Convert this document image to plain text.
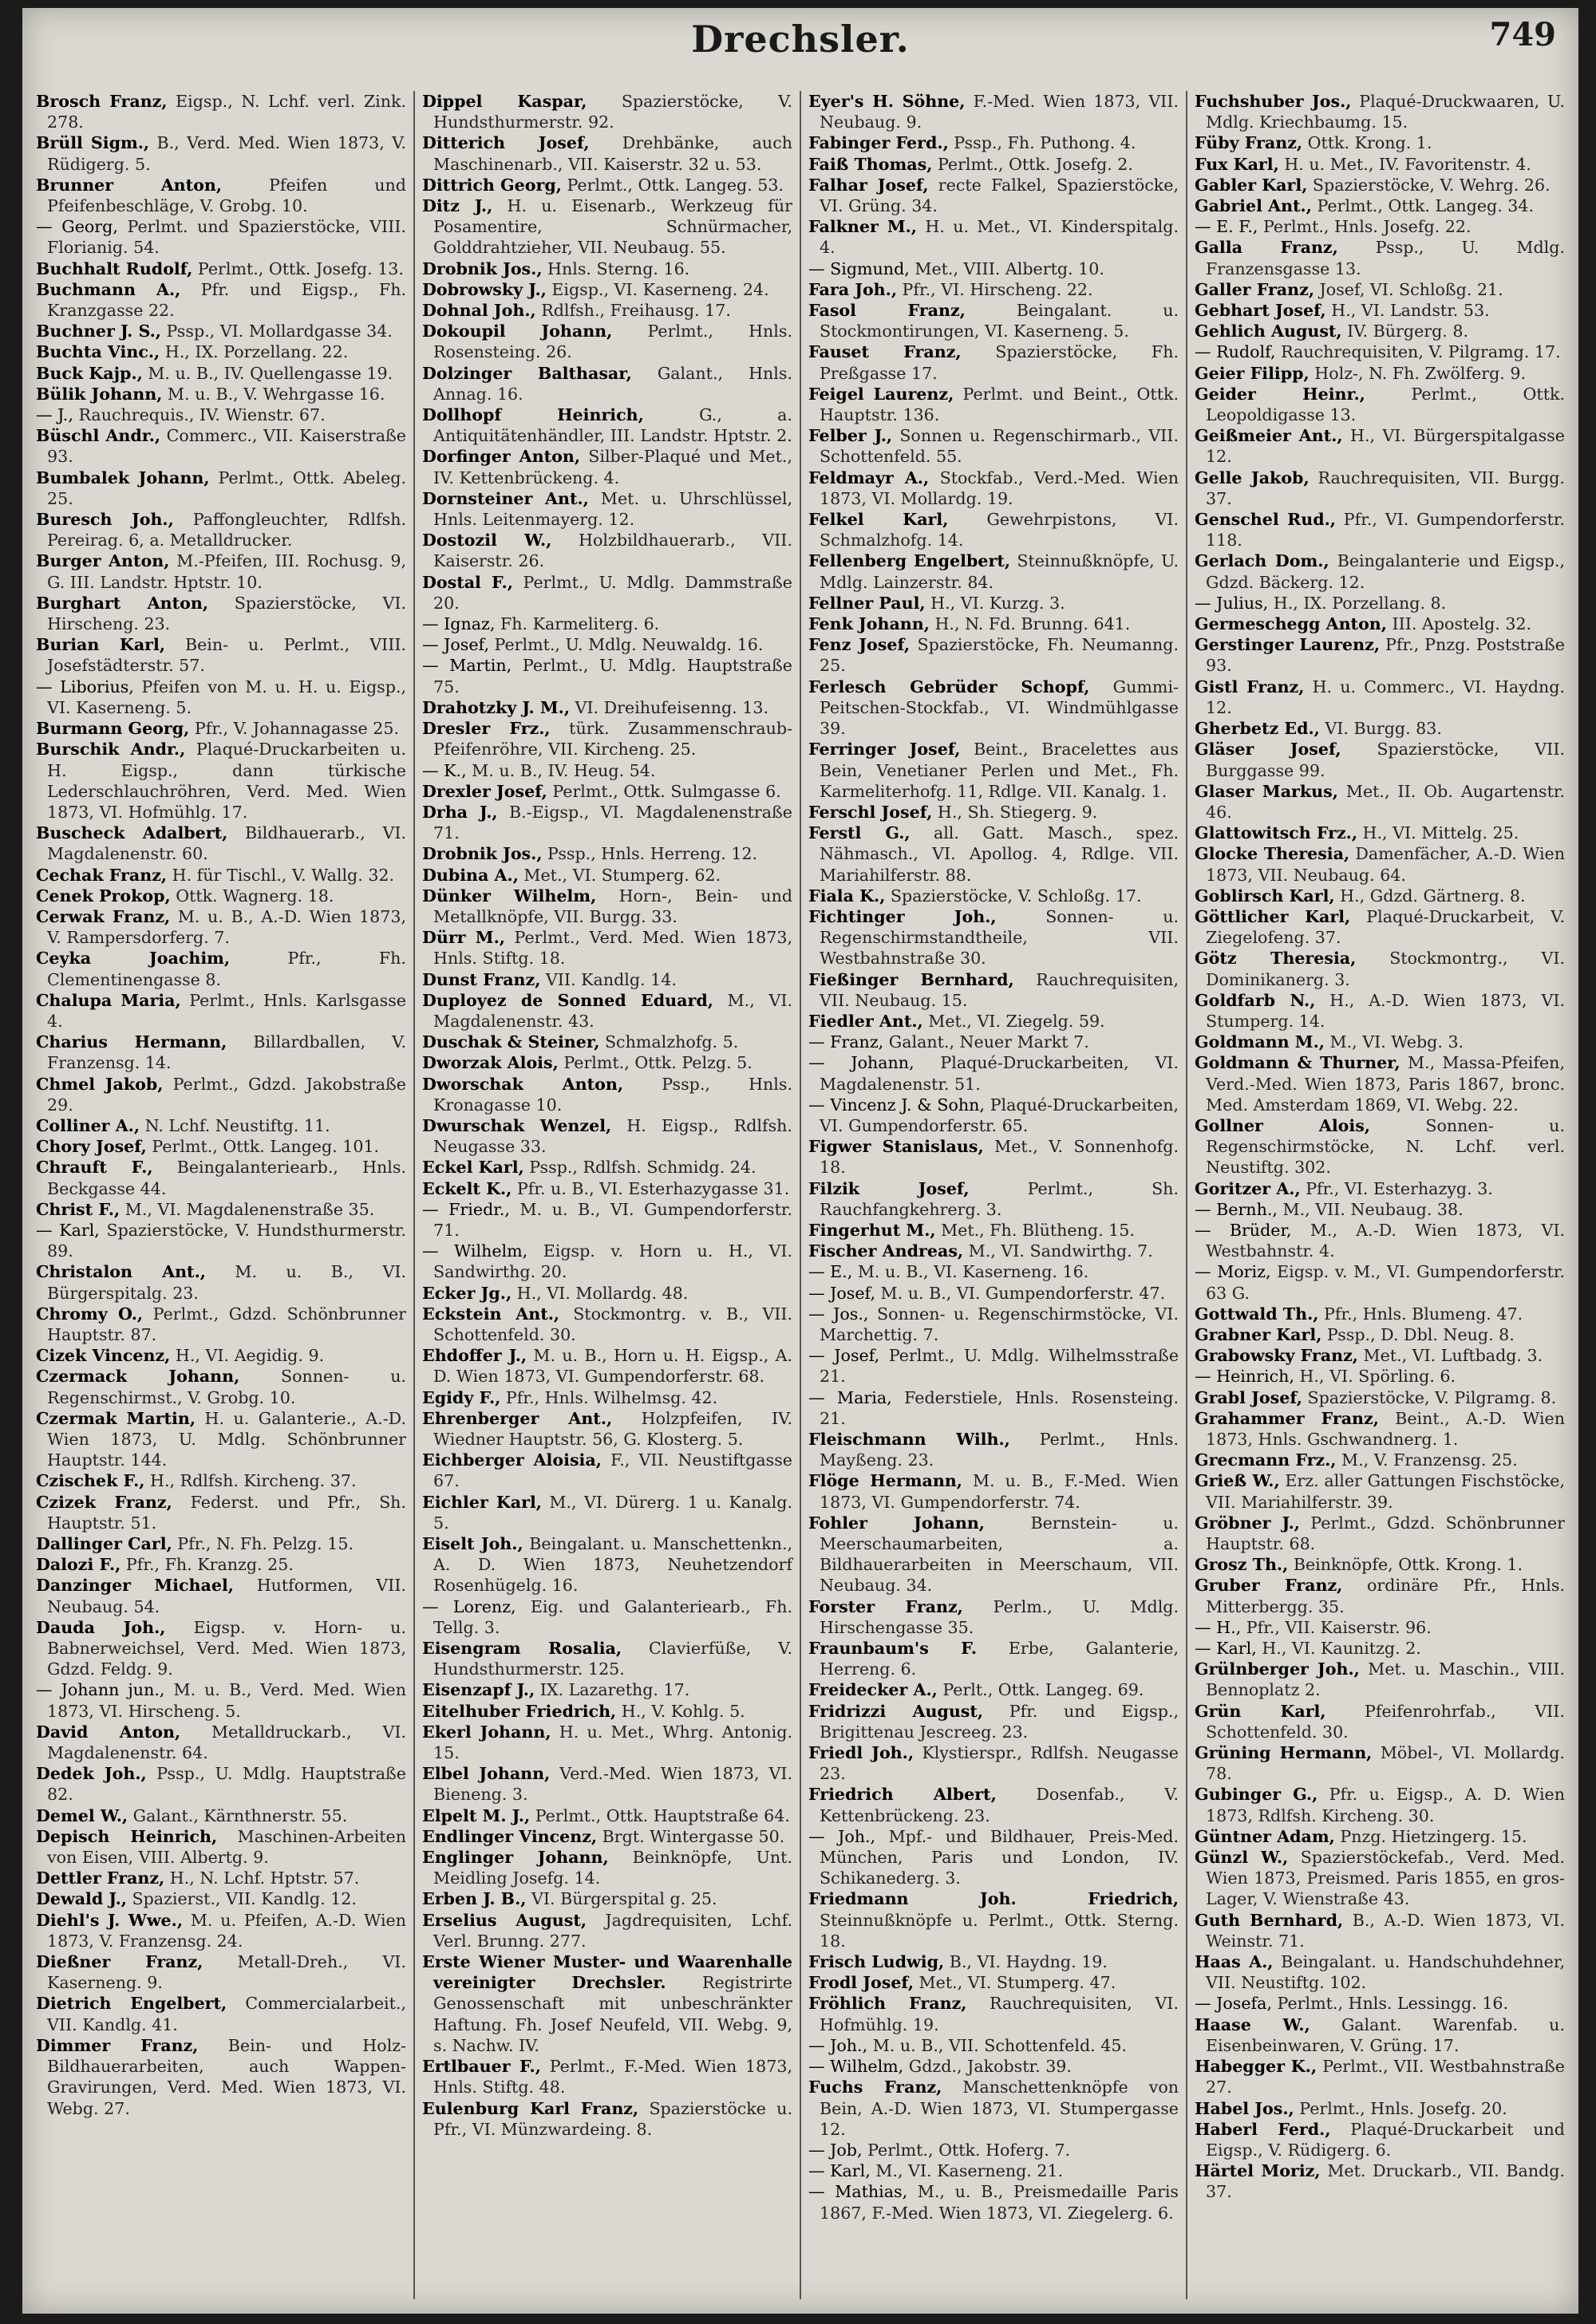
Drechsler.	749

Brosch Franz, Eigsp., N. Lchf. verl. Zink. 278.

Brüll Sigm., B., Verd. Med. Wien 1873, V. Rüdigerg. 5.

Brunner Anton,	Pfeifen und Pfeifenbeschläge, V. Grobg. 10.

— Georg, Perlmt. und Spazierstöcke, VIII. Florianig. 54.

Buchhalt Rudolf, Perlmt., Ottk. Josefg. 13.

Buchmann A., Pfr. und Eigsp., Fh. Kranzgasse 22.

Buchner J. S., Pssp., VI. Mollardgasse 34.

Buchta Vinc., H., IX. Porzellang. 22.

Buck Kajp., M. u. B., IV. Quellengasse 19.

Bülik Johann, M. u. B., V. Wehrgasse 16.

— J., Rauchrequis., IV. Wienstr. 67.

Büschl Andr., Commerc., VII. Kaiserstraße 93.

Bumbalek Johann, Perlmt., Ottk. Abeleg. 25.

Buresch Joh., Paffongleuchter, Rdlfsh. Pereirag. 6, a. Metalldrucker.

Burger Anton, M.-Pfeifen, III. Rochusg. 9, G. III. Landstr. Hptstr. 10.

Burghart Anton, Spazierstöcke, VI. Hirscheng. 23.

Burian Karl, Bein- u. Perlmt., VIII. Josefstädterstr. 57.

— Liborius, Pfeifen von M. u. H. u. Eigsp., VI. Kaserneng. 5.

Burmann Georg, Pfr., V. Johannagasse 25.

Burschik Andr., Plaqué-Druckarbeiten u. H. Eigsp., dann türkische Lederschlauchröhren, Verd. Med. Wien 1873, VI. Hofmühlg. 17.

Buscheck Adalbert, Bildhauerarb., VI. Magdalenenstr. 60.

Cechak Franz, H. für Tischl., V. Wallg. 32.

Cenek Prokop, Ottk. Wagnerg. 18.

Cerwak Franz, M. u. B., A.-D. Wien 1873, V. Rampersdorferg. 7.

Ceyka Joachim,	Pfr., Fh. Clementinengasse 8.

Chalupa Maria, Perlmt., Hnls. Karlsgasse 4.

Charius Hermann, Billardballen, V. Franzensg. 14.

Chmel Jakob, Perlmt., Gdzd. Jakobstraße 29.

Colliner A., N. Lchf. Neustiftg. 11.

Chory Josef, Perlmt., Ottk. Langeg. 101.

Chrauft F., Beingalanteriearb., Hnls. Beckgasse 44.

Christ F., M., VI. Magdalenenstraße 35.

— Karl, Spazierstöcke, V. Hundsthurmerstr. 89.

Christalon Ant., M. u. B., VI. Bürgerspitalg. 23.

Chromy O., Perlmt., Gdzd. Schönbrunner Hauptstr. 87.

Cizek Vincenz, H., VI. Aegidig. 9.

Czermack Johann,	Sonnen- u. Regenschirmst., V. Grobg. 10.

Czermak Martin, H. u. Galanterie., A.-D. Wien 1873, U. Mdlg. Schönbrunner Hauptstr. 144.

Czischek F., H., Rdlfsh. Kircheng. 37.

Czizek Franz, Federst. und Pfr., Sh. Hauptstr. 51.

Dallinger Carl, Pfr., N. Fh. Pelzg. 15.

Dalozi F., Pfr., Fh. Kranzg. 25.

Danzinger Michael, Hutformen, VII. Neubaug. 54.

Dauda Joh., Eigsp. v. Horn- u. Babnerweichsel, Verd. Med. Wien 1873, Gdzd. Feldg. 9.

— Johann jun., M. u. B., Verd. Med. Wien 1873, VI. Hirscheng. 5.

David Anton, Metalldruckarb., VI. Magdalenenstr. 64.

Dedek Joh., Pssp., U. Mdlg. Hauptstraße 82.

Demel W., Galant., Kärnthnerstr. 55.

Depisch Heinrich, Maschinen-Arbeiten von Eisen, VIII. Albertg. 9.

Dettler Franz, H., N. Lchf. Hptstr. 57.

Dewald J., Spazierst., VII. Kandlg. 12.

Diehl's J. Wwe., M. u. Pfeifen, A.-D. Wien 1873, V. Franzensg. 24.

Dießner Franz, Metall-Dreh., VI. Kaserneng. 9.

Dietrich Engelbert, Commercialarbeit., VII. Kandlg. 41.

Dimmer Franz, Bein- und Holz-Bildhauerarbeiten, auch Wappen-Gravirungen, Verd. Med. Wien 1873, VI. Webg. 27.

Dippel Kaspar, Spazierstöcke, V. Hundsthurmerstr. 92.

Ditterich Josef, Drehbänke, auch Maschinenarb., VII. Kaiserstr. 32 u. 53.

Dittrich Georg, Perlmt., Ottk. Langeg. 53.

Ditz J., H. u. Eisenarb., Werkzeug für Posamentire, Schnürmacher, Golddrahtzieher, VII. Neubaug. 55.

Drobnik Jos., Hnls. Sterng. 16.

Dobrowsky J., Eigsp., VI. Kaserneng. 24.

Dohnal Joh., Rdlfsh., Freihausg. 17.

Dokoupil Johann, Perlmt., Hnls. Rosensteing. 26.

Dolzinger Balthasar, Galant., Hnls. Annag. 16.

Dollhopf Heinrich,	G., a. Antiquitätenhändler, III. Landstr. Hptstr. 2.

Dorfinger Anton, Silber-Plaqué und Met., IV. Kettenbrückeng. 4.

Dornsteiner Ant., Met. u. Uhrschlüssel, Hnls. Leitenmayerg. 12.

Dostozil W., Holzbildhauerarb., VII. Kaiserstr. 26.

Dostal F., Perlmt., U. Mdlg. Dammstraße 20.

— Ignaz, Fh. Karmeliterg. 6.

— Josef, Perlmt., U. Mdlg. Neuwaldg. 16.

— Martin, Perlmt., U. Mdlg. Hauptstraße 75.

Drahotzky J. M., VI. Dreihufeisenng. 13.

Dresler Frz., türk. Zusammenschraub-Pfeifenröhre, VII. Kircheng. 25.

— K., M. u. B., IV. Heug. 54.

Drexler Josef, Perlmt., Ottk. Sulmgasse 6.

Drha J., B.-Eigsp., VI. Magdalenenstraße 71.

Drobnik Jos., Pssp., Hnls. Herreng. 12.

Dubina A., Met., VI. Stumperg. 62.

Dünker Wilhelm, Horn-, Bein- und Metallknöpfe, VII. Burgg. 33.

Dürr M., Perlmt., Verd. Med. Wien 1873, Hnls. Stiftg. 18.

Dunst Franz, VII. Kandlg. 14.

Duployez de Sonned Eduard, M., VI. Magdalenenstr. 43.

Duschak & Steiner, Schmalzhofg. 5.

Dworzak Alois, Perlmt., Ottk. Pelzg. 5.

Dworschak Anton, Pssp., Hnls. Kronagasse 10.

Dwurschak Wenzel, H. Eigsp., Rdlfsh. Neugasse 33.

Eckel Karl, Pssp., Rdlfsh. Schmidg. 24.

Eckelt K., Pfr. u. B., VI. Esterhazygasse 31.

— Friedr., M. u. B., VI. Gumpendorferstr. 71.

— Wilhelm, Eigsp. v. Horn u. H., VI. Sandwirthg. 20.

Ecker Jg., H., VI. Mollardg. 48.

Eckstein Ant., Stockmontrg. v. B., VII. Schottenfeld. 30.

Ehdoffer J., M. u. B., Horn u. H. Eigsp., A. D. Wien 1873, VI. Gumpendorferstr. 68.

Egidy F., Pfr., Hnls. Wilhelmsg. 42.

Ehrenberger Ant., Holzpfeifen, IV. Wiedner Hauptstr. 56, G. Klosterg. 5.

Eichberger Aloisia, F., VII. Neustiftgasse 67.

Eichler Karl, M., VI. Dürerg. 1 u. Kanalg. 5.

Eiselt Joh., Beingalant. u. Manschettenkn., A. D. Wien 1873, Neuhetzendorf Rosenhügelg. 16.

— Lorenz, Eig. und Galanteriearb., Fh. Tellg. 3.

Eisengram Rosalia, Clavierfüße, V. Hundsthurmerstr. 125.

Eisenzapf J., IX. Lazarethg. 17.

Eitelhuber Friedrich, H., V. Kohlg. 5.

Ekerl Johann, H. u. Met., Whrg. Antonig. 15.

Elbel Johann, Verd.-Med. Wien 1873, VI. Bieneng. 3.

Elpelt M. J., Perlmt., Ottk. Hauptstraße 64.

Endlinger Vincenz, Brgt. Wintergasse 50.

Englinger Johann, Beinknöpfe, Unt. Meidling Josefg. 14.

Erben J. B., VI. Bürgerspital g. 25.

Erselius August, Jagdrequisiten, Lchf. Verl. Brunng. 277.

Erste Wiener Muster- und Waarenhalle vereinigter Drechsler. Registrirte Genossenschaft mit unbeschränkter Haftung. Fh. Josef Neufeld, VII. Webg. 9, s. Nachw. IV.

Ertlbauer F., Perlmt., F.-Med. Wien 1873, Hnls. Stiftg. 48.

Eulenburg Karl Franz, Spazierstöcke u. Pfr., VI. Münzwardeing. 8.

Eyer's H. Söhne, F.-Med. Wien 1873, VII. Neubaug. 9.

Fabinger Ferd., Pssp., Fh. Puthong. 4.

Faiß Thomas, Perlmt., Ottk. Josefg. 2.

Falhar Josef, recte Falkel, Spazierstöcke, VI. Grüng. 34.

Falkner M., H. u. Met., VI. Kinderspitalg. 4.

— Sigmund, Met., VIII. Albertg. 10.

Fara Joh., Pfr., VI. Hirscheng. 22.

Fasol Franz,	Beingalant. u. Stockmontirungen, VI. Kaserneng. 5.

Fauset Franz, Spazierstöcke, Fh. Preßgasse 17.

Feigel Laurenz, Perlmt. und Beint., Ottk. Hauptstr. 136.

Felber J., Sonnen u. Regenschirmarb., VII. Schottenfeld. 55.

Feldmayr A., Stockfab., Verd.-Med. Wien 1873, VI. Mollardg. 19.

Felkel Karl, Gewehrpistons, VI. Schmalzhofg. 14.

Fellenberg Engelbert, Steinnußknöpfe, U. Mdlg. Lainzerstr. 84.

Fellner Paul, H., VI. Kurzg. 3.

Fenk Johann, H., N. Fd. Brunng. 641.

Fenz Josef, Spazierstöcke, Fh. Neumanng. 25.

Ferlesch Gebrüder Schopf, Gummi-Peitschen-Stockfab., VI. Windmühlgasse 39.

Ferringer Josef, Beint., Bracelettes aus Bein, Venetianer Perlen und Met., Fh. Karmeliterhofg. 11, Rdlge. VII. Kanalg. 1.

Ferschl Josef, H., Sh. Stiegerg. 9.

Ferstl G., all. Gatt. Masch., spez. Nähmasch., VI. Apollog. 4, Rdlge. VII. Mariahilferstr. 88.

Fiala K., Spazierstöcke, V. Schloßg. 17.

Fichtinger Joh.,	Sonnen- u. Regenschirmstandtheile, VII. Westbahnstraße 30.

Fießinger Bernhard, Rauchrequisiten, VII. Neubaug. 15.

Fiedler Ant., Met., VI. Ziegelg. 59.

— Franz, Galant., Neuer Markt 7.

— Johann, Plaqué-Druckarbeiten, VI. Magdalenenstr. 51.

— Vincenz J. & Sohn, Plaqué-Druckarbeiten, VI. Gumpendorferstr. 65.

Figwer Stanislaus, Met., V. Sonnenhofg. 18.

Filzik Josef,	Perlmt., Sh. Rauchfangkehrerg. 3.

Fingerhut M., Met., Fh. Blütheng. 15.

Fischer Andreas, M., VI. Sandwirthg. 7.

— E., M. u. B., VI. Kaserneng. 16.

— Josef, M. u. B., VI. Gumpendorferstr. 47.

— Jos., Sonnen- u. Regenschirmstöcke, VI. Marchettig. 7.

— Josef, Perlmt., U. Mdlg. Wilhelmsstraße 21.

— Maria, Federstiele, Hnls. Rosensteing. 21.

Fleischmann Wilh., Perlmt., Hnls. Mayßeng. 23.

Flöge Hermann, M. u. B., F.-Med. Wien 1873, VI. Gumpendorferstr. 74.

Fohler Johann,	Bernstein- u. Meerschaumarbeiten, a. Bildhauerarbeiten in Meerschaum, VII. Neubaug. 34.

Forster Franz, Perlm., U. Mdlg. Hirschengasse 35.

Fraunbaum's F. Erbe, Galanterie, Herreng. 6.

Freidecker A., Perlt., Ottk. Langeg. 69.

Fridrizzi August, Pfr. und Eigsp., Brigittenau Jescreeg. 23.

Friedl Joh., Klystierspr., Rdlfsh. Neugasse 23.

Friedrich Albert, Dosenfab., V. Kettenbrückeng. 23.

— Joh., Mpf.- und Bildhauer, Preis-Med. München, Paris und London, IV. Schikanederg. 3.

Friedmann Joh. Friedrich, Steinnußknöpfe u. Perlmt., Ottk. Sterng. 18.

Frisch Ludwig, B., VI. Haydng. 19.

Frodl Josef, Met., VI. Stumperg. 47.

Fröhlich Franz, Rauchrequisiten, VI. Hofmühlg. 19.

— Joh., M. u. B., VII. Schottenfeld. 45.

— Wilhelm, Gdzd., Jakobstr. 39.

Fuchs Franz, Manschettenknöpfe von Bein, A.-D. Wien 1873, VI. Stumpergasse 12.

— Job, Perlmt., Ottk. Hoferg. 7.

— Karl, M., VI. Kaserneng. 21.

— Mathias, M., u. B., Preismedaille Paris 1867, F.-Med. Wien 1873, VI. Ziegelerg. 6.

Fuchshuber Jos., Plaqué-Druckwaaren, U. Mdlg. Kriechbaumg. 15.

Füby Franz, Ottk. Krong. 1.

Fux Karl, H. u. Met., IV. Favoritenstr. 4.

Gabler Karl, Spazierstöcke, V. Wehrg. 26.

Gabriel Ant., Perlmt., Ottk. Langeg. 34.

— E. F., Perlmt., Hnls. Josefg. 22.

Galla Franz, Pssp., U. Mdlg. Franzensgasse 13.

Galler Franz, Josef, VI. Schloßg. 21.

Gebhart Josef, H., VI. Landstr. 53.

Gehlich August, IV. Bürgerg. 8.

— Rudolf, Rauchrequisiten, V. Pilgramg. 17.

Geier Filipp, Holz-, N. Fh. Zwölferg. 9.

Geider Heinr.,	Perlmt., Ottk. Leopoldigasse 13.

Geißmeier Ant., H., VI. Bürgerspitalgasse 12.

Gelle Jakob, Rauchrequisiten, VII. Burgg. 37.

Genschel Rud., Pfr., VI. Gumpendorferstr. 118.

Gerlach Dom., Beingalanterie und Eigsp., Gdzd. Bäckerg. 12.

— Julius, H., IX. Porzellang. 8.

Germeschegg Anton, III. Apostelg. 32.

Gerstinger Laurenz, Pfr., Pnzg. Poststraße 93.

Gistl Franz, H. u. Commerc., VI. Haydng. 12.

Gherbetz Ed., VI. Burgg. 83.

Gläser Josef, Spazierstöcke, VII. Burggasse 99.

Glaser Markus, Met., II. Ob. Augartenstr. 46.

Glattowitsch Frz., H., VI. Mittelg. 25.

Glocke Theresia, Damenfächer, A.-D. Wien 1873, VII. Neubaug. 64.

Goblirsch Karl, H., Gdzd. Gärtnerg. 8.

Göttlicher Karl, Plaqué-Druckarbeit, V. Ziegelofeng. 37.

Götz Theresia, Stockmontrg., VI. Dominikanerg. 3.

Goldfarb N., H., A.-D. Wien 1873, VI. Stumperg. 14.

Goldmann M., M., VI. Webg. 3.

Goldmann & Thurner, M., Massa-Pfeifen, Verd.-Med. Wien 1873, Paris 1867, bronc. Med. Amsterdam 1869, VI. Webg. 22.

Gollner Alois,	Sonnen- u. Regenschirmstöcke, N. Lchf. verl. Neustiftg. 302.

Goritzer A., Pfr., VI. Esterhazyg. 3.

— Bernh., M., VII. Neubaug. 38.

— Brüder, M., A.-D. Wien 1873, VI. Westbahnstr. 4.

— Moriz, Eigsp. v. M., VI. Gumpendorferstr. 63 G.

Gottwald Th., Pfr., Hnls. Blumeng. 47.

Grabner Karl, Pssp., D. Dbl. Neug. 8.

Grabowsky Franz, Met., VI. Luftbadg. 3.

— Heinrich, H., VI. Spörling. 6.

Grabl Josef, Spazierstöcke, V. Pilgramg. 8.

Grahammer Franz, Beint., A.-D. Wien 1873, Hnls. Gschwandnerg. 1.

Grecmann Frz., M., V. Franzensg. 25.

Grieß W., Erz. aller Gattungen Fischstöcke, VII. Mariahilferstr. 39.

Gröbner J., Perlmt., Gdzd. Schönbrunner Hauptstr. 68.

Grosz Th., Beinknöpfe, Ottk. Krong. 1.

Gruber Franz, ordinäre Pfr., Hnls. Mitterbergg. 35.

— H., Pfr., VII. Kaiserstr. 96.

— Karl, H., VI. Kaunitzg. 2.

Grülnberger Joh., Met. u. Maschin., VIII. Bennoplatz 2.

Grün Karl, Pfeifenrohrfab., VII. Schottenfeld. 30.

Grüning Hermann, Möbel-, VI. Mollardg. 78.

Gubinger G., Pfr. u. Eigsp., A. D. Wien 1873, Rdlfsh. Kircheng. 30.

Güntner Adam, Pnzg. Hietzingerg. 15.

Günzl W., Spazierstöckefab., Verd. Med. Wien 1873, Preismed. Paris 1855, en gros-Lager, V. Wienstraße 43.

Guth Bernhard, B., A.-D. Wien 1873, VI. Weinstr. 71.

Haas A., Beingalant. u. Handschuhdehner, VII. Neustiftg. 102.

— Josefa, Perlmt., Hnls. Lessingg. 16.

Haase W., Galant. Warenfab. u. Eisenbeinwaren, V. Grüng. 17.

Habegger K., Perlmt., VII. Westbahnstraße 27.

Habel Jos., Perlmt., Hnls. Josefg. 20.

Haberl Ferd., Plaqué-Druckarbeit und Eigsp., V. Rüdigerg. 6.

Härtel Moriz, Met. Druckarb., VII. Bandg. 37.
